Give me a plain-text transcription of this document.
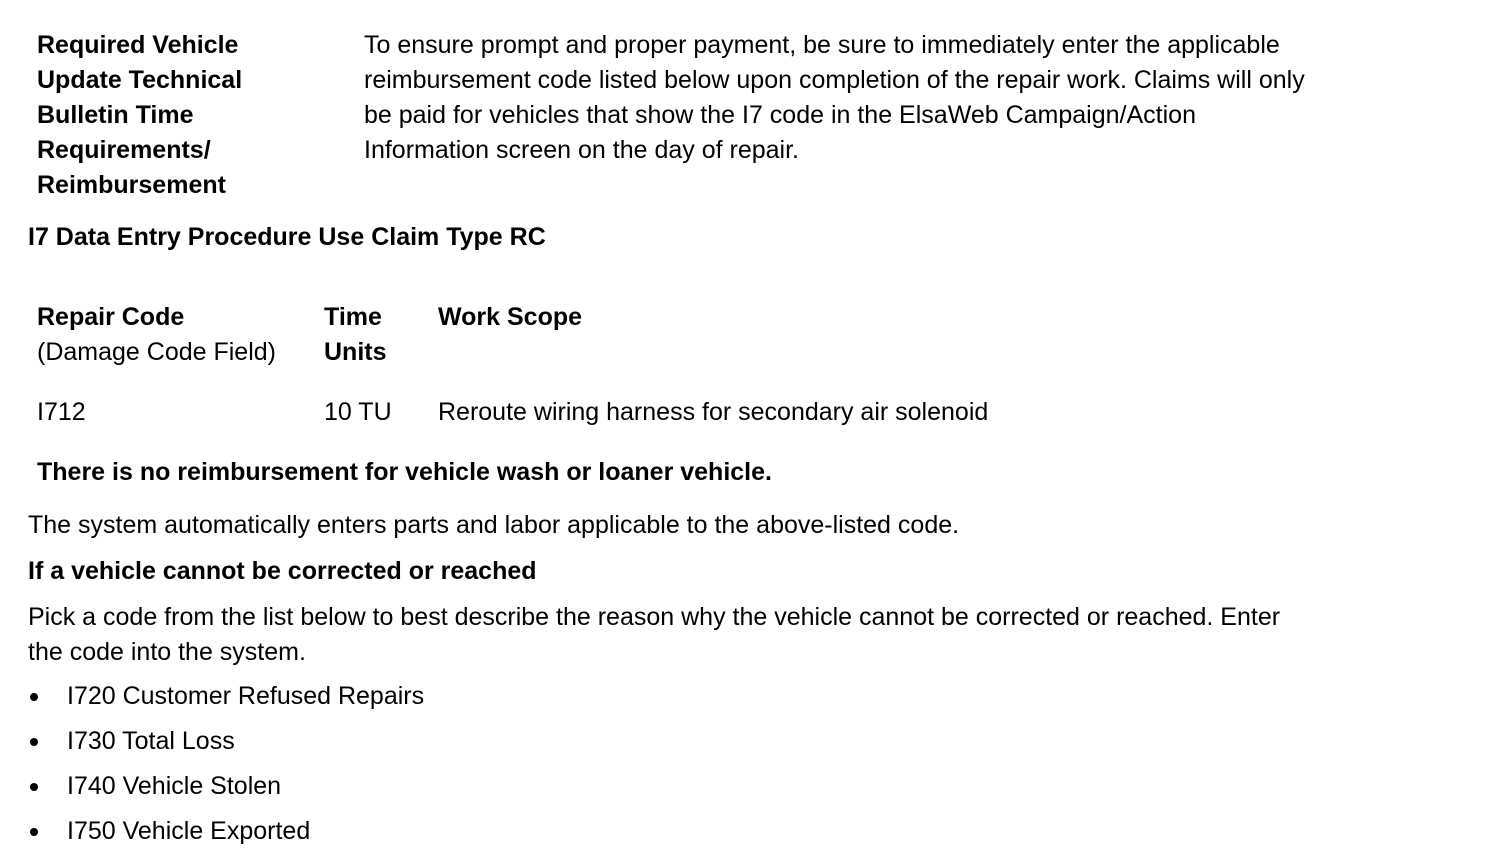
Required Vehicle
Update Technical
Bulletin Time
Requirements/
Reimbursement
To ensure prompt and proper payment, be sure to immediately enter the applicable
reimbursement code listed below upon completion of the repair work. Claims will only
be paid for vehicles that show the I7 code in the ElsaWeb Campaign/Action
Information screen on the day of repair.
I7 Data Entry Procedure Use Claim Type RC
Repair Code
(Damage Code Field)
Time
Units
Work Scope
I712	10 TU Reroute wiring harness for secondary air solenoid
There is no reimbursement for vehicle wash or loaner vehicle.
The system automatically enters parts and labor applicable to the above-listed code.
If a vehicle cannot be corrected or reached
Pick a code from the list below to best describe the reason why the vehicle cannot be corrected or reached. Enter
the code into the system.
I720 Customer Refused Repairs
I730 Total Loss
I740 Vehicle Stolen
I750 Vehicle Exported
